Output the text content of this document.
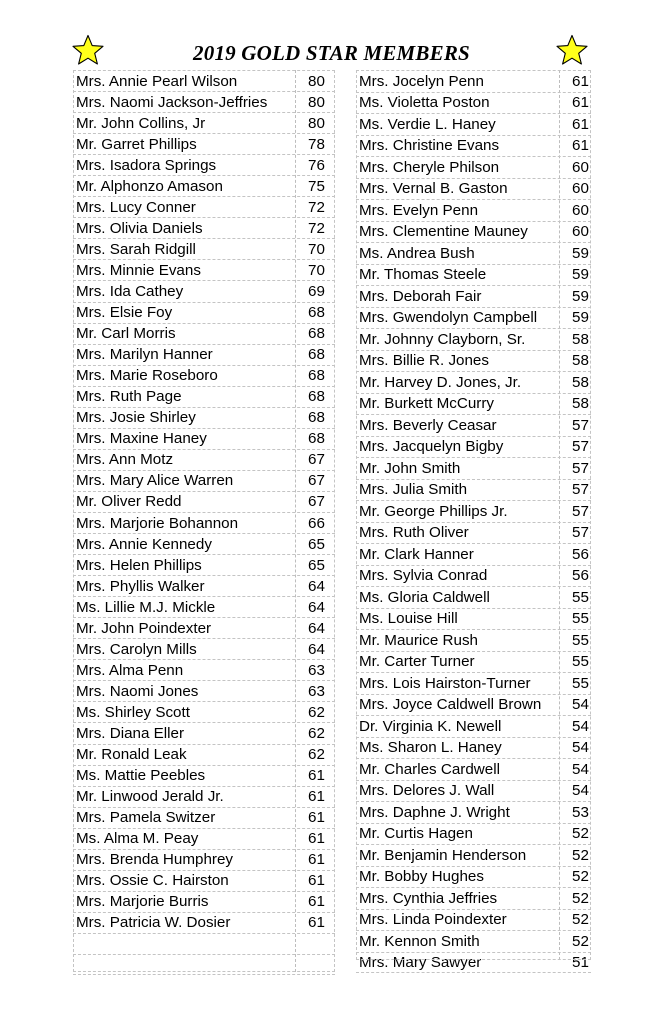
2019 GOLD STAR MEMBERS
Mrs. Annie Pearl Wilson	80
Mrs. Naomi Jackson-Jeffries	80
Mr. John Collins, Jr	80
Mr. Garret Phillips	78
Mrs. Isadora Springs	76
Mr. Alphonzo Amason	75
Mrs. Lucy Conner	72
Mrs. Olivia Daniels	72
Mrs. Sarah Ridgill	70
Mrs. Minnie Evans	70
Mrs. Ida Cathey	69
Mrs. Elsie Foy	68
Mr. Carl Morris	68
Mrs. Marilyn Hanner	68
Mrs. Marie Roseboro	68
Mrs. Ruth Page	68
Mrs. Josie Shirley	68
Mrs. Maxine Haney	68
Mrs. Ann Motz	67
Mrs. Mary Alice Warren	67
Mr. Oliver Redd	67
Mrs. Marjorie Bohannon	66
Mrs. Annie Kennedy	65
Mrs. Helen Phillips	65
Mrs. Phyllis Walker	64
Ms. Lillie M.J. Mickle	64
Mr. John Poindexter	64
Mrs. Carolyn Mills	64
Mrs. Alma Penn	63
Mrs. Naomi Jones	63
Ms. Shirley Scott	62
Mrs. Diana Eller	62
Mr. Ronald Leak	62
Ms. Mattie Peebles	61
Mr. Linwood Jerald Jr.	61
Mrs. Pamela Switzer	61
Ms. Alma M. Peay	61
Mrs. Brenda Humphrey	61
Mrs. Ossie C. Hairston	61
Mrs. Marjorie Burris	61
Mrs. Patricia W. Dosier	61
Mrs. Jocelyn Penn	61
Ms. Violetta Poston	61
Ms. Verdie L. Haney	61
Mrs. Christine Evans	61
Mrs. Cheryle Philson	60
Mrs. Vernal B. Gaston	60
Mrs. Evelyn Penn	60
Mrs. Clementine Mauney	60
Ms. Andrea Bush	59
Mr. Thomas Steele	59
Mrs. Deborah Fair	59
Mrs. Gwendolyn Campbell	59
Mr. Johnny Clayborn, Sr.	58
Mrs. Billie R. Jones	58
Mr. Harvey D. Jones, Jr.	58
Mr. Burkett McCurry	58
Mrs. Beverly Ceasar	57
Mrs. Jacquelyn Bigby	57
Mr. John Smith	57
Mrs. Julia Smith	57
Mr. George Phillips Jr.	57
Mrs. Ruth Oliver	57
Mr. Clark Hanner	56
Mrs. Sylvia Conrad	56
Ms. Gloria Caldwell	55
Ms. Louise Hill	55
Mr. Maurice Rush	55
Mr. Carter Turner	55
Mrs. Lois Hairston-Turner	55
Mrs. Joyce Caldwell Brown	54
Dr. Virginia K. Newell	54
Ms. Sharon L. Haney	54
Mr. Charles Cardwell	54
Mrs. Delores J. Wall	54
Mrs. Daphne J. Wright	53
Mr. Curtis Hagen	52
Mr. Benjamin Henderson	52
Mr. Bobby Hughes	52
Mrs. Cynthia Jeffries	52
Mrs. Linda Poindexter	52
Mr. Kennon Smith	52
Mrs. Mary Sawyer	51
